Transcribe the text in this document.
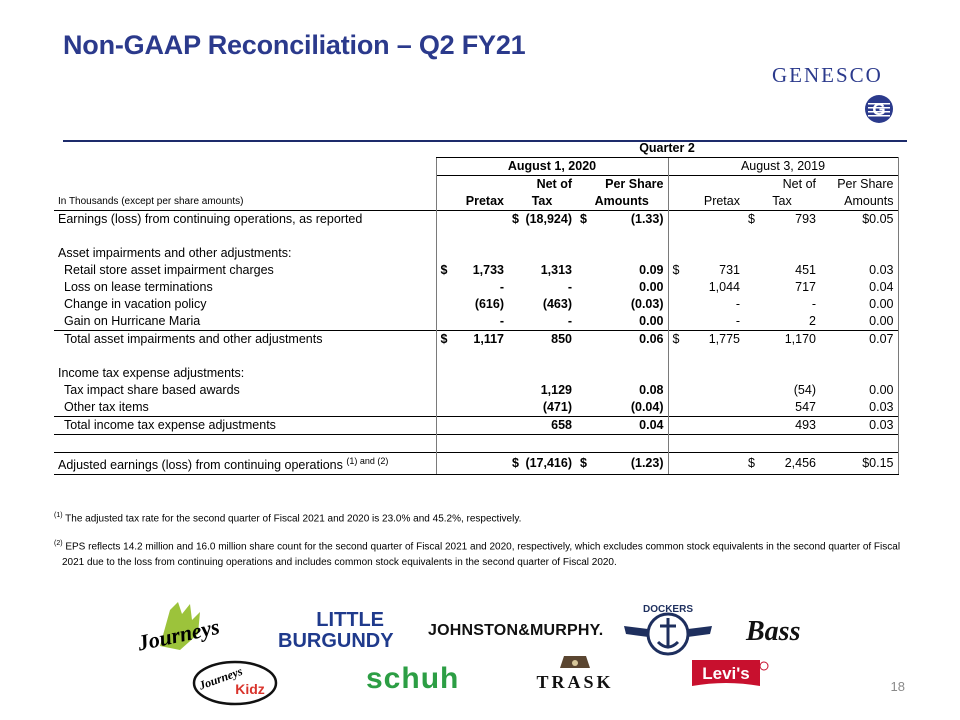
Non-GAAP Reconciliation – Q2 FY21
GENESCO
G
	Quarter 2					
	August 1, 2020			August 3, 2019		
		Net of	Per Share		Net of	Per Share
In Thousands (except per share amounts)	Pretax	Tax	Amounts	Pretax	Tax	Amounts
Earnings (loss) from continuing operations, as reported		$ (18,924)	$ (1.33)		$ 793	$0.05

Asset impairments and other adjustments:						
Retail store asset impairment charges	$ 1,733	1,313	0.09	$ 731	451	0.03
Loss on lease terminations	-	-	0.00	1,044	717	0.04
Change in vacation policy	(616)	(463)	(0.03)	-	-	0.00
Gain on Hurricane Maria	-	-	0.00	-	2	0.00
Total asset impairments and other adjustments	$ 1,117	850	0.06	$ 1,775	1,170	0.07

Income tax expense adjustments:						
Tax impact share based awards		1,129	0.08		(54)	0.00
Other tax items		(471)	(0.04)		547	0.03
Total income tax expense adjustments		658	0.04		493	0.03

Adjusted earnings (loss) from continuing operations $^{(1) and (2)}$		$ (17,416)	$ (1.23)		$ 2,456	$0.15

$^{(1)}$ The adjusted tax rate for the second quarter of Fiscal 2021 and 2020 is 23.0% and 45.2%, respectively.

$^{(2)}$ EPS reflects 14.2 million and 16.0 million share count for the second quarter of Fiscal 2021 and 2020, respectively, which excludes common stock equivalents in the second quarter of Fiscal 2021 due to the loss from continuing operations and includes common stock equivalents in the second quarter of Fiscal 2020.

Journeys	LITTLE
BURGUNDY JOHNSTON&MURPHY.
DOCKERS
Bass
Journeys
Kidz	schuh	TRASK	Levi's
18
